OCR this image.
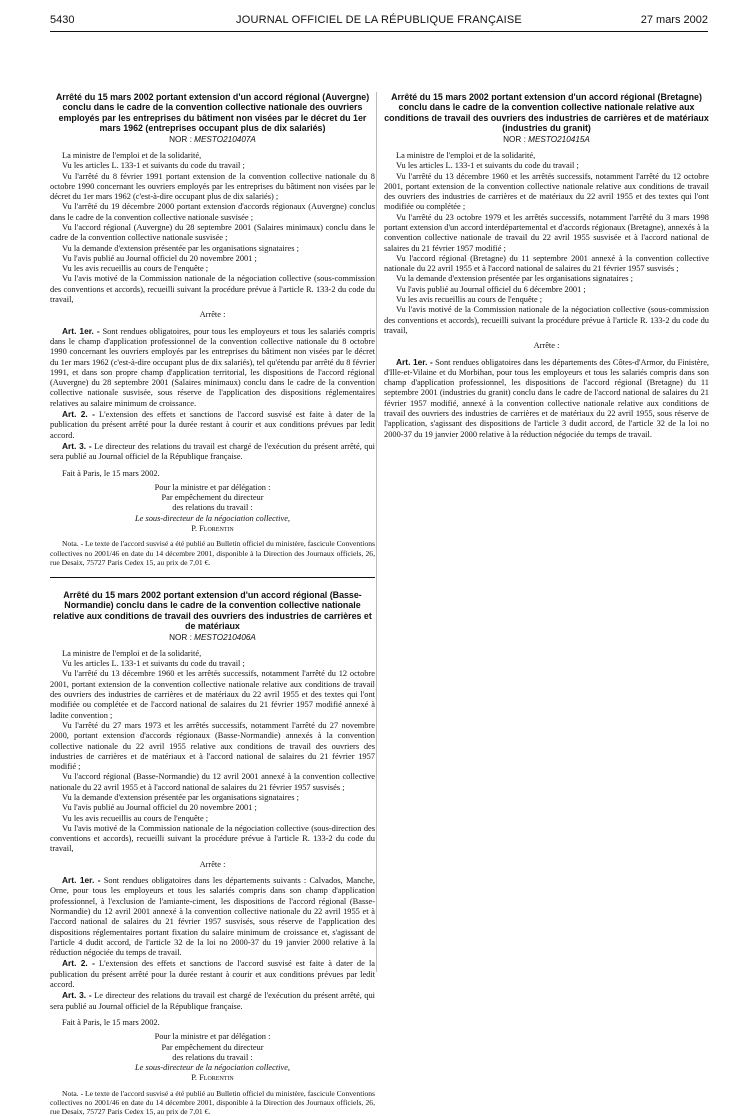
5430	JOURNAL OFFICIEL DE LA RÉPUBLIQUE FRANÇAISE	27 mars 2002

Arrêté du 15 mars 2002 portant extension d'un accord régional (Auvergne) conclu dans le cadre de la convention collective nationale des ouvriers employés par les entreprises du bâtiment non visées par le décret du 1er mars 1962 (entreprises occupant plus de dix salariés)

NOR : MESTO210407A

La ministre de l'emploi et de la solidarité,

Vu les articles L. 133-1 et suivants du code du travail ;

Vu l'arrêté du 8 février 1991 portant extension de la convention collective nationale du 8 octobre 1990 concernant les ouvriers employés par les entreprises du bâtiment non visées par le décret du 1er mars 1962 (c'est-à-dire occupant plus de dix salariés) ;

Vu l'arrêté du 19 décembre 2000 portant extension d'accords régionaux (Auvergne) conclus dans le cadre de la convention collective nationale susvisée ;

Vu l'accord régional (Auvergne) du 28 septembre 2001 (Salaires minimaux) conclu dans le cadre de la convention collective nationale susvisée ;

Vu la demande d'extension présentée par les organisations signataires ;

Vu l'avis publié au Journal officiel du 20 novembre 2001 ;

Vu les avis recueillis au cours de l'enquête ;

Vu l'avis motivé de la Commission nationale de la négociation collective (sous-commission des conventions et accords), recueilli suivant la procédure prévue à l'article R. 133-2 du code du travail,

Arrête :

Art. 1er. - Sont rendues obligatoires, pour tous les employeurs et tous les salariés compris dans le champ d'application professionnel de la convention collective nationale du 8 octobre 1990 concernant les ouvriers employés par les entreprises du bâtiment non visées par le décret du 1er mars 1962 (c'est-à-dire occupant plus de dix salariés), tel qu'étendu par arrêté du 8 février 1991, et dans son propre champ d'application territorial, les dispositions de l'accord régional (Auvergne) du 28 septembre 2001 (Salaires minimaux) conclu dans le cadre de la convention collective nationale susvisée, sous réserve de l'application des dispositions réglementaires relatives au salaire minimum de croissance.

Art. 2. - L'extension des effets et sanctions de l'accord susvisé est faite à dater de la publication du présent arrêté pour la durée restant à courir et aux conditions prévues par ledit accord.

Art. 3. - Le directeur des relations du travail est chargé de l'exécution du présent arrêté, qui sera publié au Journal officiel de la République française.

Fait à Paris, le 15 mars 2002.

Pour la ministre et par délégation :

Par empêchement du directeur

des relations du travail :

Le sous-directeur de la négociation collective,

P. Florentin

Nota. - Le texte de l'accord susvisé a été publié au Bulletin officiel du ministère, fascicule Conventions collectives no 2001/46 en date du 14 décembre 2001, disponible à la Direction des Journaux officiels, 26, rue Desaix, 75727 Paris Cedex 15, au prix de 7,01 €.

Arrêté du 15 mars 2002 portant extension d'un accord régional (Basse-Normandie) conclu dans le cadre de la convention collective nationale relative aux conditions de travail des ouvriers des industries de carrières et de matériaux

NOR : MESTO210406A

La ministre de l'emploi et de la solidarité,

Vu les articles L. 133-1 et suivants du code du travail ;

Vu l'arrêté du 13 décembre 1960 et les arrêtés successifs, notamment l'arrêté du 12 octobre 2001, portant extension de la convention collective nationale relative aux conditions de travail des ouvriers des industries de carrières et de matériaux du 22 avril 1955 et des textes qui l'ont modifiée ou complétée et de l'accord national de salaires du 21 février 1957 modifié annexé à ladite convention ;

Vu l'arrêté du 27 mars 1973 et les arrêtés successifs, notamment l'arrêté du 27 novembre 2000, portant extension d'accords régionaux (Basse-Normandie) annexés à la convention collective nationale du 22 avril 1955 relative aux conditions de travail des ouvriers des industries de carrières et de matériaux et à l'accord national de salaires du 21 février 1957 modifié ;

Vu l'accord régional (Basse-Normandie) du 12 avril 2001 annexé à la convention collective nationale du 22 avril 1955 et à l'accord national de salaires du 21 février 1957 susvisés ;

Vu la demande d'extension présentée par les organisations signataires ;

Vu l'avis publié au Journal officiel du 20 novembre 2001 ;

Vu les avis recueillis au cours de l'enquête ;

Vu l'avis motivé de la Commission nationale de la négociation collective (sous-direction des conventions et accords), recueilli suivant la procédure prévue à l'article R. 133-2 du code du travail,

Arrête :

Art. 1er. - Sont rendues obligatoires dans les départements suivants : Calvados, Manche, Orne, pour tous les employeurs et tous les salariés compris dans son champ d'application professionnel, à l'exclusion de l'amiante-ciment, les dispositions de l'accord régional (Basse-Normandie) du 12 avril 2001 annexé à la convention collective nationale du 22 avril 1955 et à l'accord national de salaires du 21 février 1957 susvisés, sous réserve de l'application des dispositions réglementaires portant fixation du salaire minimum de croissance et, s'agissant de l'article 4 dudit accord, de l'article 32 de la loi no 2000-37 du 19 janvier 2000 relative à la réduction négociée du temps de travail.

Art. 2. - L'extension des effets et sanctions de l'accord susvisé est faite à dater de la publication du présent arrêté pour la durée restant à courir et aux conditions prévues par ledit accord.

Art. 3. - Le directeur des relations du travail est chargé de l'exécution du présent arrêté, qui sera publié au Journal officiel de la République française.

Fait à Paris, le 15 mars 2002.

Pour la ministre et par délégation :

Par empêchement du directeur

des relations du travail :

Le sous-directeur de la négociation collective,

P. Florentin

Nota. - Le texte de l'accord susvisé a été publié au Bulletin officiel du ministère, fascicule Conventions collectives no 2001/46 en date du 14 décembre 2001, disponible à la Direction des Journaux officiels, 26, rue Desaix, 75727 Paris Cedex 15, au prix de 7,01 €.

Arrêté du 15 mars 2002 portant extension d'un accord régional (Bretagne) conclu dans le cadre de la convention collective nationale relative aux conditions de travail des ouvriers des industries de carrières et de matériaux (industries du granit)

NOR : MESTO210415A

La ministre de l'emploi et de la solidarité,

Vu les articles L. 133-1 et suivants du code du travail ;

Vu l'arrêté du 13 décembre 1960 et les arrêtés successifs, notamment l'arrêté du 12 octobre 2001, portant extension de la convention collective nationale relative aux conditions de travail des ouvriers des industries de carrières et de matériaux du 22 avril 1955 et des textes qui l'ont modifiée ou complétée ;

Vu l'arrêté du 23 octobre 1979 et les arrêtés successifs, notamment l'arrêté du 3 mars 1998 portant extension d'un accord interdépartemental et d'accords régionaux (Bretagne), annexés à la convention collective nationale de travail du 22 avril 1955 susvisée et à l'accord national de salaires du 21 février 1957 modifié ;

Vu l'accord régional (Bretagne) du 11 septembre 2001 annexé à la convention collective nationale du 22 avril 1955 et à l'accord national de salaires du 21 février 1957 susvisés ;

Vu la demande d'extension présentée par les organisations signataires ;

Vu l'avis publié au Journal officiel du 6 décembre 2001 ;

Vu les avis recueillis au cours de l'enquête ;

Vu l'avis motivé de la Commission nationale de la négociation collective (sous-commission des conventions et accords), recueilli suivant la procédure prévue à l'article R. 133-2 du code du travail,

Arrête :

Art. 1er. - Sont rendues obligatoires dans les départements des Côtes-d'Armor, du Finistère, d'Ille-et-Vilaine et du Morbihan, pour tous les employeurs et tous les salariés compris dans son champ d'application professionnel, les dispositions de l'accord régional (Bretagne) du 11 septembre 2001 (industries du granit) conclu dans le cadre de l'accord national de salaires du 21 février 1957 modifié, annexé à la convention collective nationale relative aux conditions de travail des ouvriers des industries de carrières et de matériaux du 22 avril 1955, sous réserve de l'application, s'agissant des dispositions de l'article 3 dudit accord, de l'article 32 de la loi no 2000-37 du 19 janvier 2000 relative à la réduction négociée du temps de travail.
